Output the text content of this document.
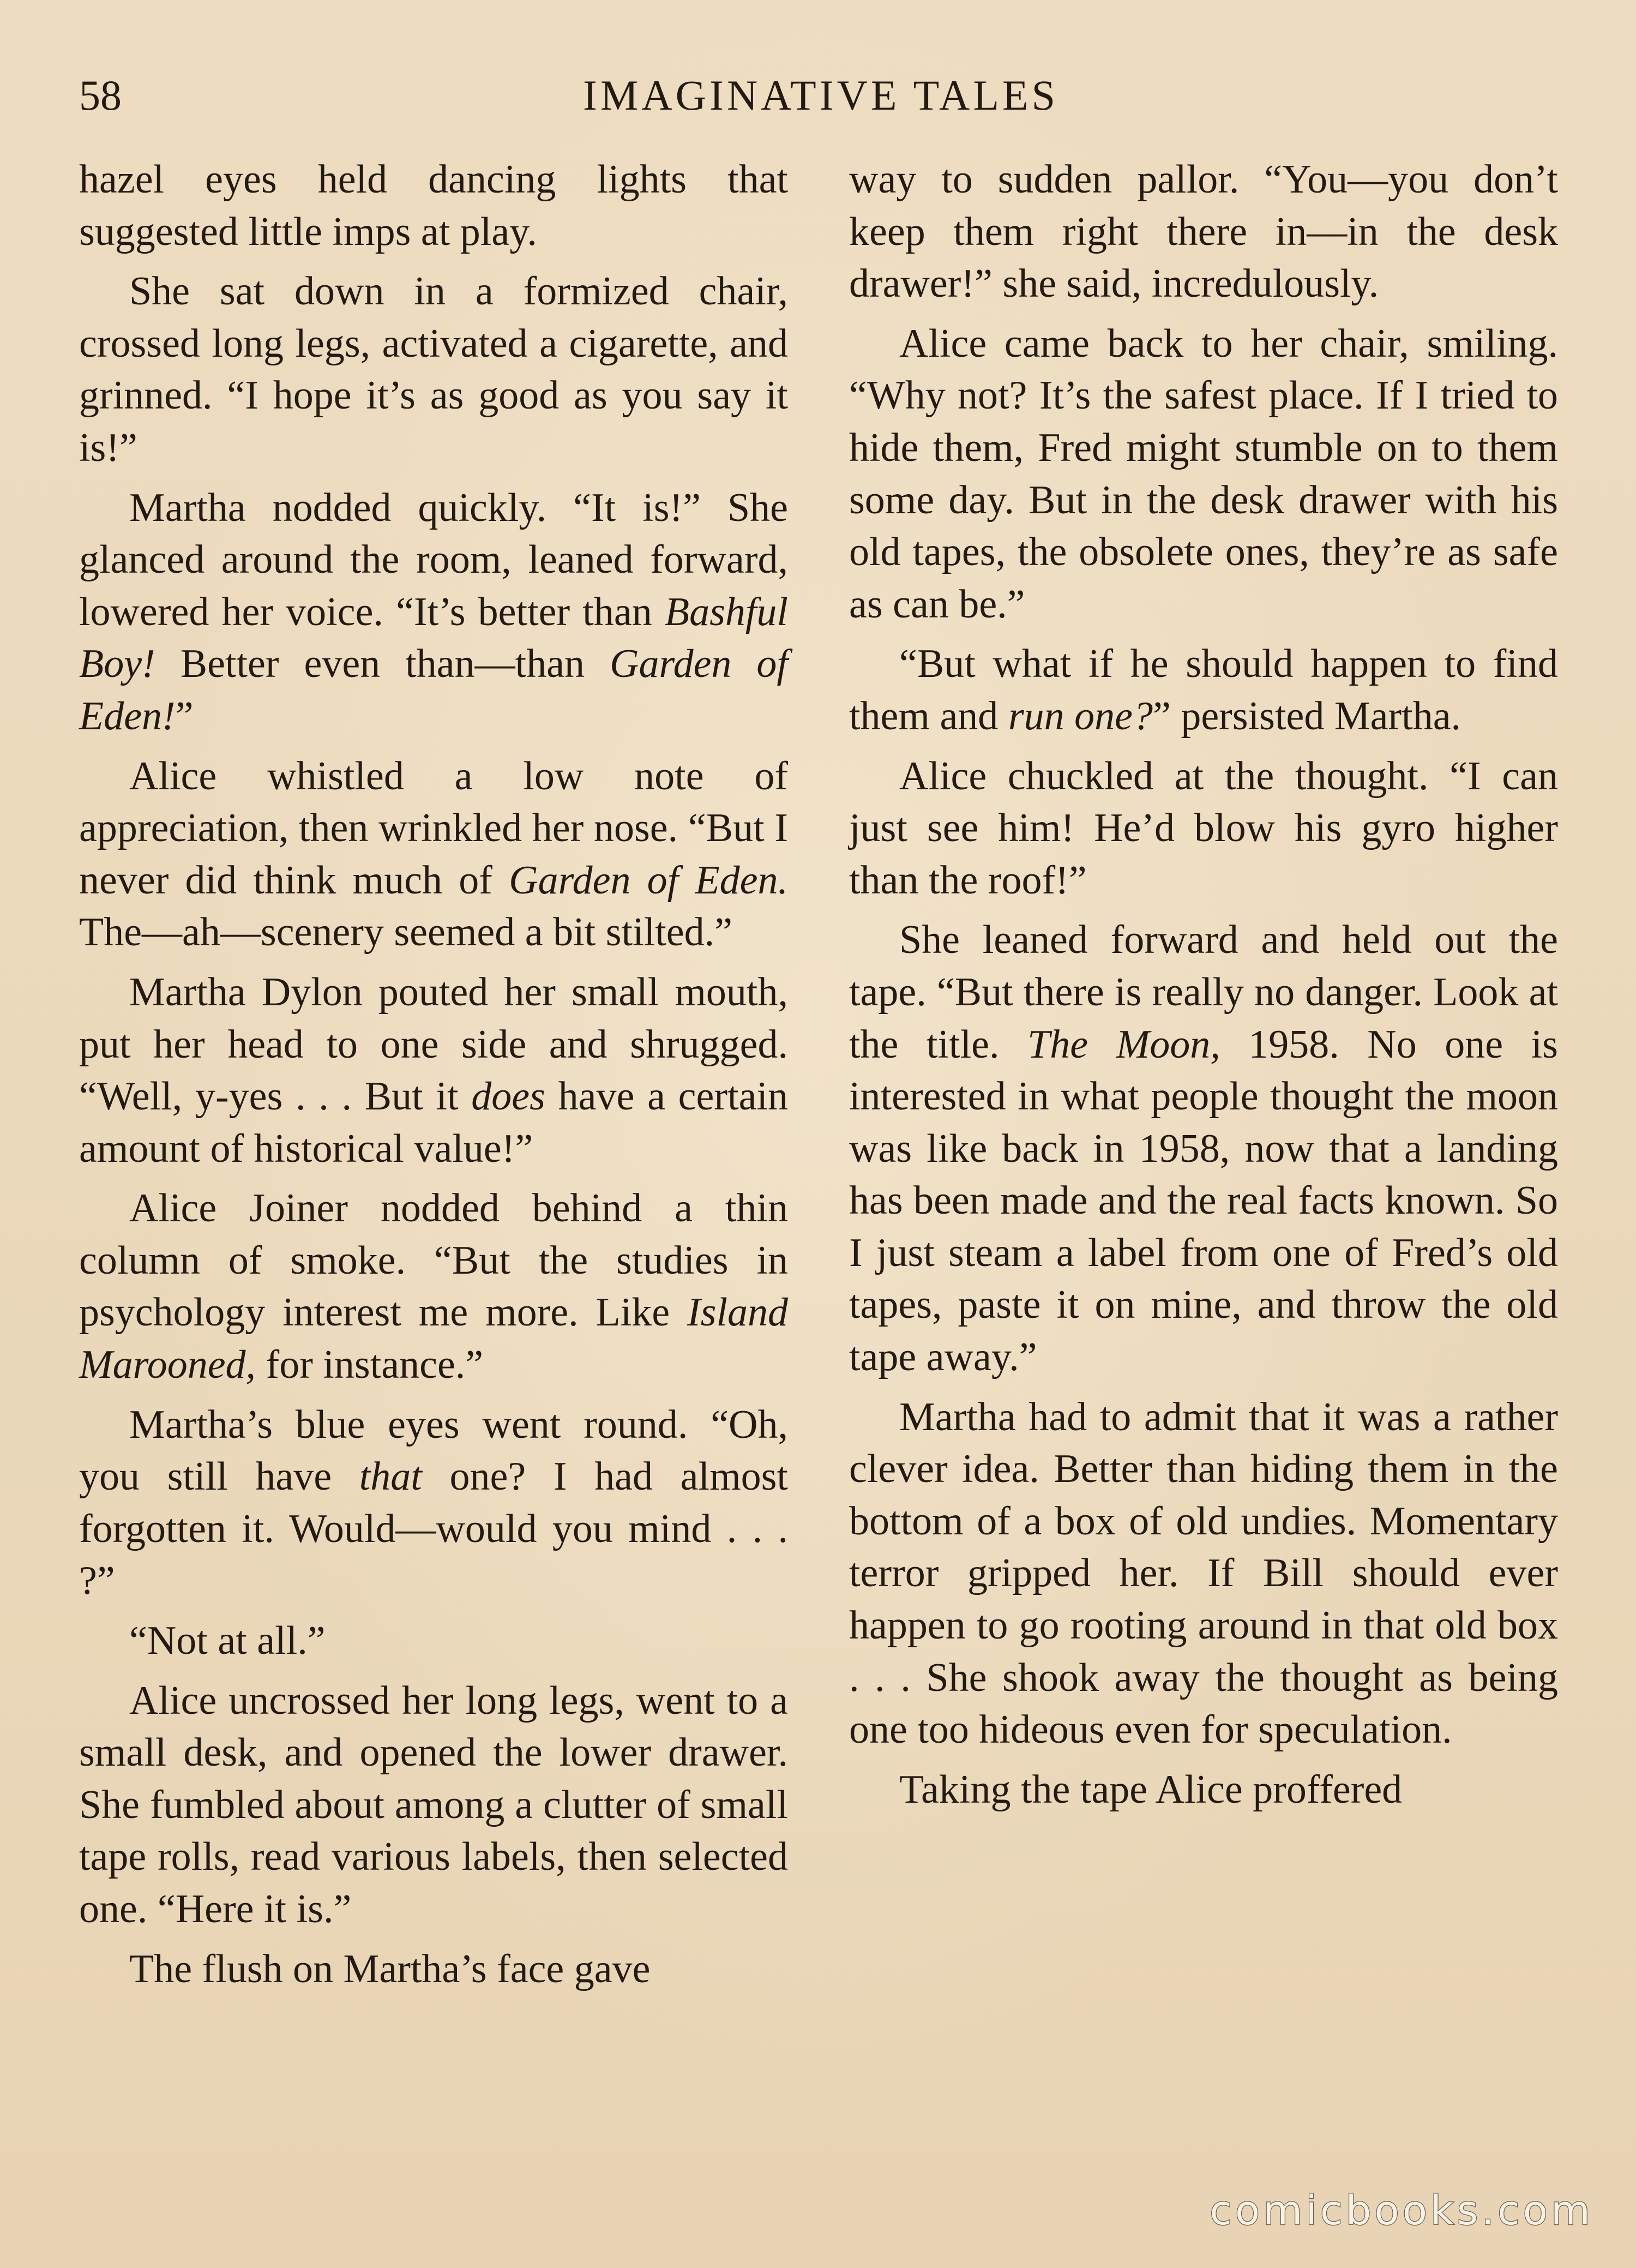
58	IMAGINATIVE TALES

hazel eyes held dancing lights that suggested little imps at play.

She sat down in a formized chair, crossed long legs, activated a cigarette, and grinned. “I hope it’s as good as you say it is!”

Martha nodded quickly. “It is!” She glanced around the room, leaned forward, lowered her voice. “It’s better than Bashful Boy! Better even than—than Garden of Eden!”

Alice whistled a low note of appreciation, then wrinkled her nose. “But I never did think much of Garden of Eden. The—ah—scenery seemed a bit stilted.”

Martha Dylon pouted her small mouth, put her head to one side and shrugged. “Well, y-yes . . . But it does have a certain amount of historical value!”

Alice Joiner nodded behind a thin column of smoke. “But the studies in psychology interest me more. Like Island Marooned, for instance.”

Martha’s blue eyes went round. “Oh, you still have that one? I had almost forgotten it. Would—would you mind . . . ?”

“Not at all.”

Alice uncrossed her long legs, went to a small desk, and opened the lower drawer. She fumbled about among a clutter of small tape rolls, read various labels, then selected one. “Here it is.”

The flush on Martha’s face gave

way to sudden pallor. “You—you don’t keep them right there in—in the desk drawer!” she said, incredulously.

Alice came back to her chair, smiling. “Why not? It’s the safest place. If I tried to hide them, Fred might stumble on to them some day. But in the desk drawer with his old tapes, the obsolete ones, they’re as safe as can be.”

“But what if he should happen to find them and run one?” persisted Martha.

Alice chuckled at the thought. “I can just see him! He’d blow his gyro higher than the roof!”

She leaned forward and held out the tape. “But there is really no danger. Look at the title. The Moon, 1958. No one is interested in what people thought the moon was like back in 1958, now that a landing has been made and the real facts known. So I just steam a label from one of Fred’s old tapes, paste it on mine, and throw the old tape away.”

Martha had to admit that it was a rather clever idea. Better than hiding them in the bottom of a box of old undies. Momentary terror gripped her. If Bill should ever happen to go rooting around in that old box . . . She shook away the thought as being one too hideous even for speculation.

Taking the tape Alice proffered

comicbooks.com
